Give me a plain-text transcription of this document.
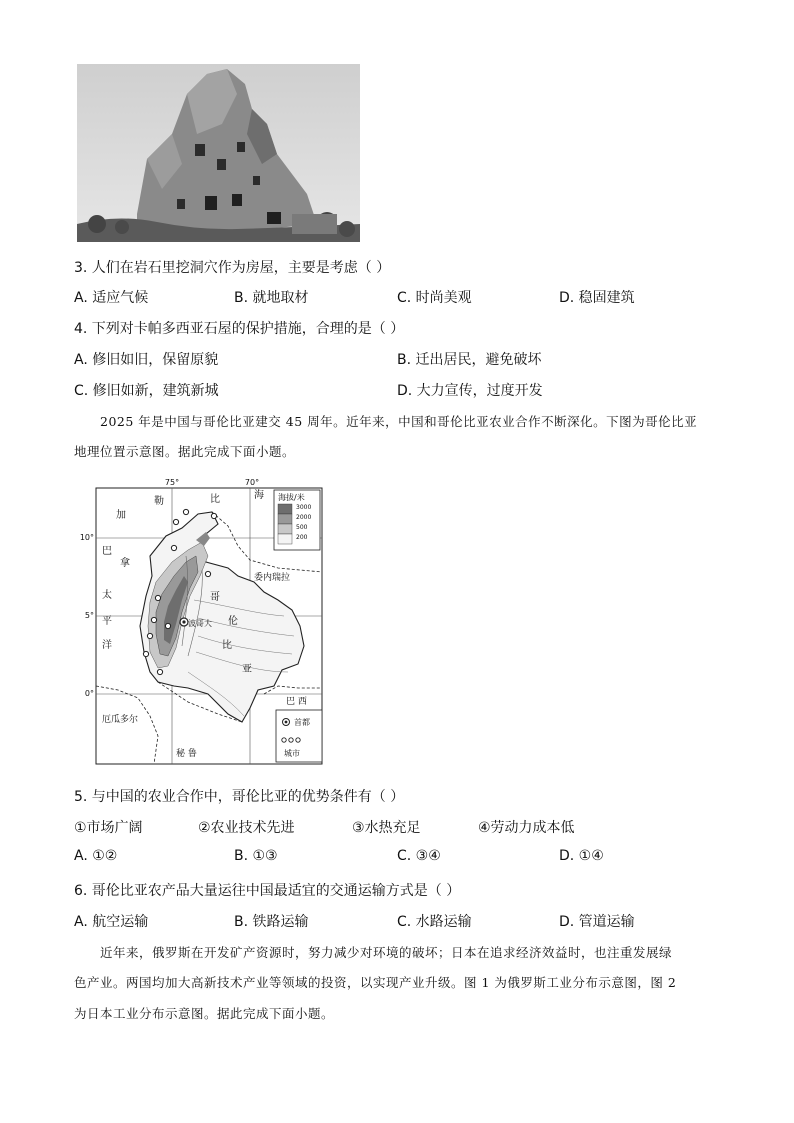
3. 人们在岩石里挖洞穴作为房屋，主要是考虑（ ）
A. 适应气候	B. 就地取材	C. 时尚美观	D. 稳固建筑
4. 下列对卡帕多西亚石屋的保护措施，合理的是（ ）
A. 修旧如旧，保留原貌	B. 迁出居民，避免破坏
C. 修旧如新，建筑新城	D. 大力宣传，过度开发
2025 年是中国与哥伦比亚建交 45 周年。近年来，中国和哥伦比亚农业合作不断深化。下图为哥伦比亚
地理位置示意图。据此完成下面小题。
75°	70°
10°
5°
0°
加
勒	比	海
巴
拿
太
平
洋
委内瑞拉
波哥大
哥
伦
比
亚
巴 西
厄瓜多尔
秘 鲁
海拔/米
3000
2000
500
200
首都
城市
5. 与中国的农业合作中，哥伦比亚的优势条件有（ ）
①市场广阔	②农业技术先进	③水热充足	④劳动力成本低
A. ①②	B. ①③	C. ③④	D. ①④
6. 哥伦比亚农产品大量运往中国最适宜的交通运输方式是（ ）
A. 航空运输	B. 铁路运输	C. 水路运输	D. 管道运输
近年来，俄罗斯在开发矿产资源时，努力减少对环境的破坏；日本在追求经济效益时，也注重发展绿
色产业。两国均加大高新技术产业等领域的投资，以实现产业升级。图 1 为俄罗斯工业分布示意图，图 2
为日本工业分布示意图。据此完成下面小题。
